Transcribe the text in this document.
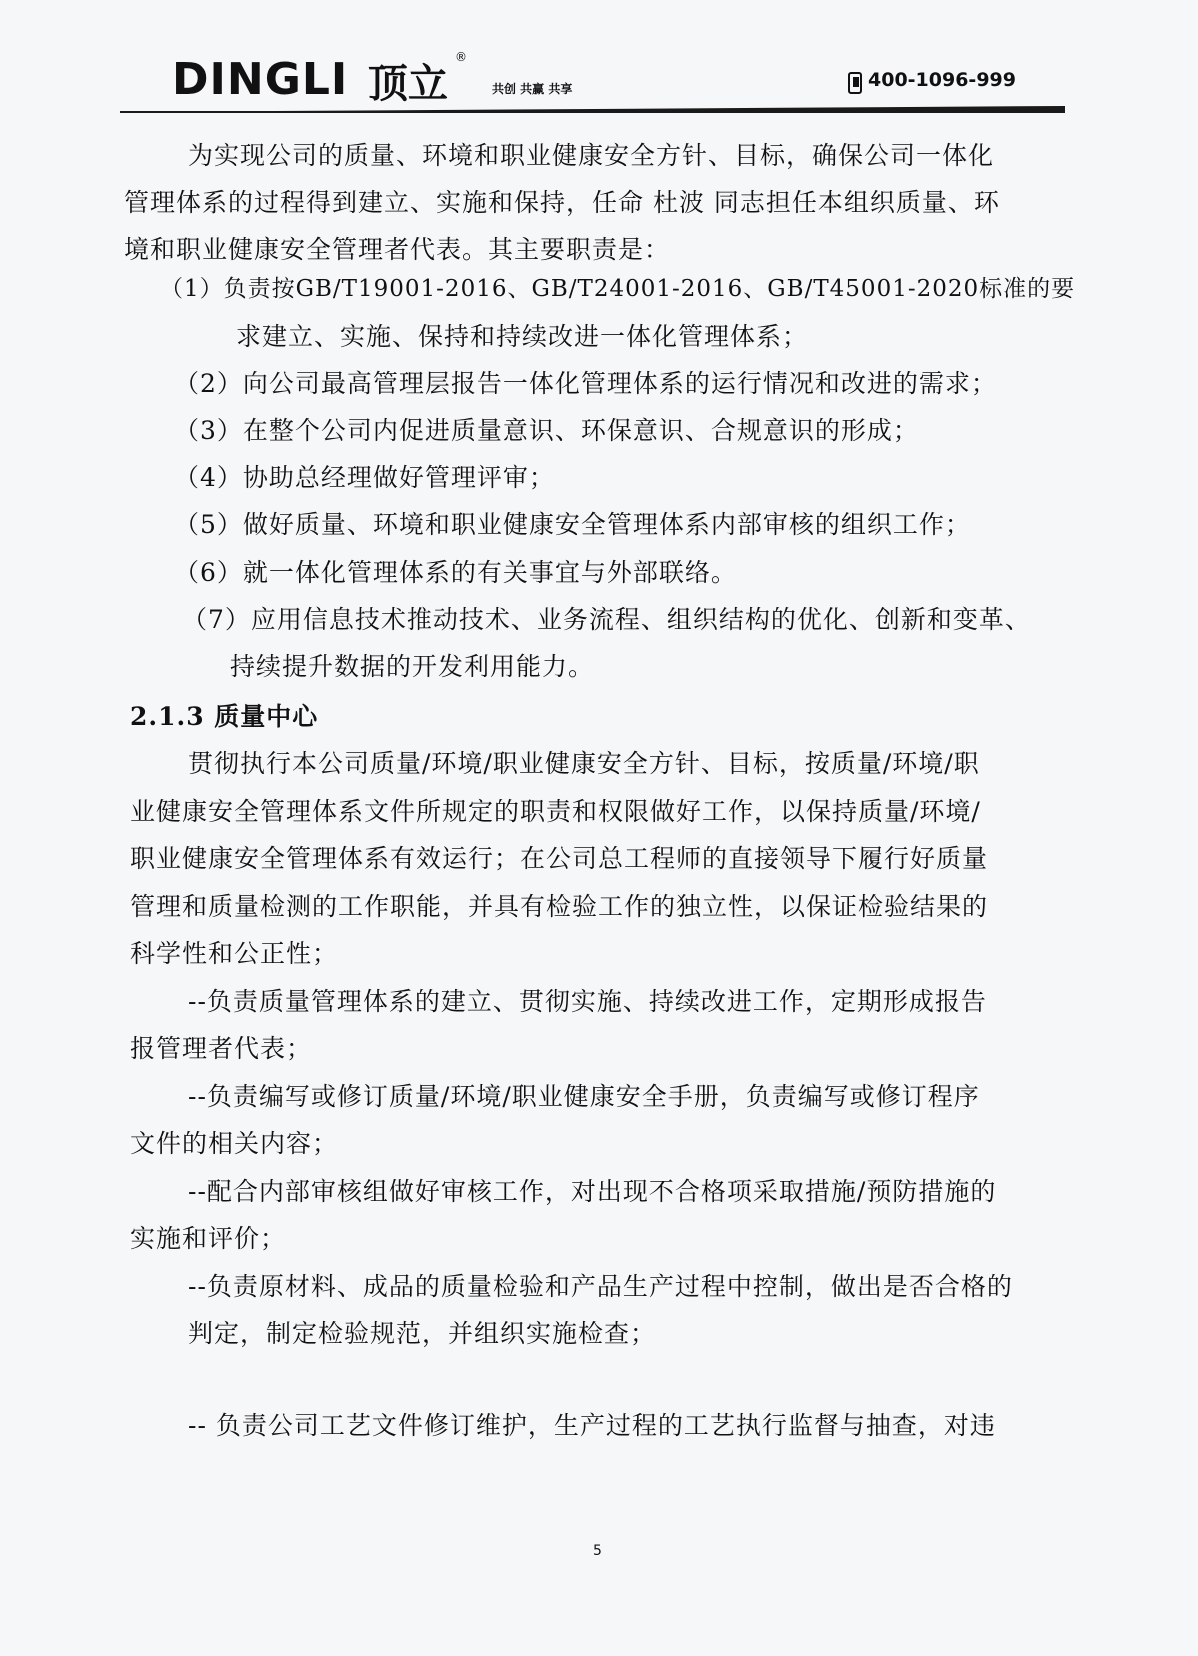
DINGLI 顶立
®
共创 共赢 共享	400-1096-999
为实现公司的质量、环境和职业健康安全方针、目标，确保公司一体化
管理体系的过程得到建立、实施和保持，任命 杜波 同志担任本组织质量、环
境和职业健康安全管理者代表。其主要职责是：
（1）负责按GB/T19001-2016、GB/T24001-2016、GB/T45001-2020标准的要
求建立、实施、保持和持续改进一体化管理体系；
（2）向公司最高管理层报告一体化管理体系的运行情况和改进的需求；
（3）在整个公司内促进质量意识、环保意识、合规意识的形成；
（4）协助总经理做好管理评审；
（5）做好质量、环境和职业健康安全管理体系内部审核的组织工作；
（6）就一体化管理体系的有关事宜与外部联络。
（7）应用信息技术推动技术、业务流程、组织结构的优化、创新和变革、
持续提升数据的开发利用能力。
2.1.3 质量中心
贯彻执行本公司质量/环境/职业健康安全方针、目标，按质量/环境/职
业健康安全管理体系文件所规定的职责和权限做好工作，以保持质量/环境/
职业健康安全管理体系有效运行；在公司总工程师的直接领导下履行好质量
管理和质量检测的工作职能，并具有检验工作的独立性，以保证检验结果的
科学性和公正性；
--负责质量管理体系的建立、贯彻实施、持续改进工作，定期形成报告
报管理者代表；
--负责编写或修订质量/环境/职业健康安全手册，负责编写或修订程序
文件的相关内容；
--配合内部审核组做好审核工作，对出现不合格项采取措施/预防措施的
实施和评价；
--负责原材料、成品的质量检验和产品生产过程中控制，做出是否合格的
判定，制定检验规范，并组织实施检查；
-- 负责公司工艺文件修订维护，生产过程的工艺执行监督与抽查，对违
5
